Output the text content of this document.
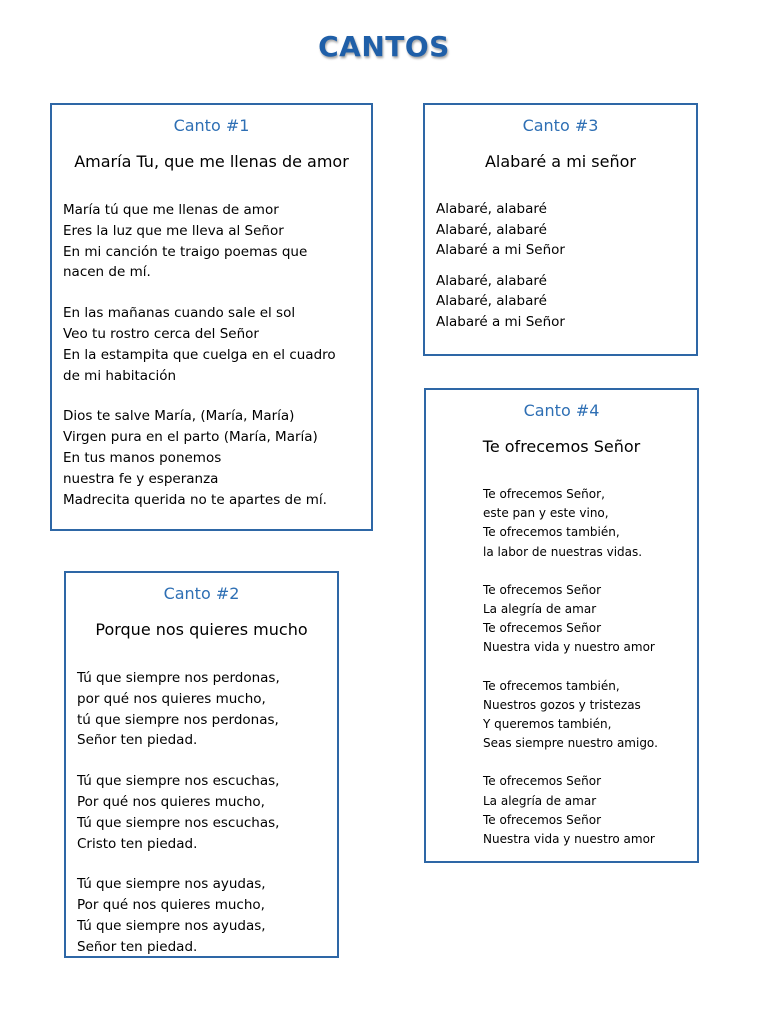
CANTOS
Canto #1
Amaría Tu, que me llenas de amor
María tú que me llenas de amor
Eres la luz que me lleva al Señor
En mi canción te traigo poemas que
nacen de mí.
En las mañanas cuando sale el sol
Veo tu rostro cerca del Señor
En la estampita que cuelga en el cuadro
de mi habitación
Dios te salve María, (María, María)
Virgen pura en el parto (María, María)
En tus manos ponemos
nuestra fe y esperanza
Madrecita querida no te apartes de mí.
Canto #2
Porque nos quieres mucho
Tú que siempre nos perdonas,
por qué nos quieres mucho,
tú que siempre nos perdonas,
Señor ten piedad.
Tú que siempre nos escuchas,
Por qué nos quieres mucho,
Tú que siempre nos escuchas,
Cristo ten piedad.
Tú que siempre nos ayudas,
Por qué nos quieres mucho,
Tú que siempre nos ayudas,
Señor ten piedad.
Canto #3
Alabaré a mi señor
Alabaré, alabaré
Alabaré, alabaré
Alabaré a mi Señor
Alabaré, alabaré
Alabaré, alabaré
Alabaré a mi Señor
Canto #4
Te ofrecemos Señor
Te ofrecemos Señor,
este pan y este vino,
Te ofrecemos también,
la labor de nuestras vidas.
Te ofrecemos Señor
La alegría de amar
Te ofrecemos Señor
Nuestra vida y nuestro amor
Te ofrecemos también,
Nuestros gozos y tristezas
Y queremos también,
Seas siempre nuestro amigo.
Te ofrecemos Señor
La alegría de amar
Te ofrecemos Señor
Nuestra vida y nuestro amor
